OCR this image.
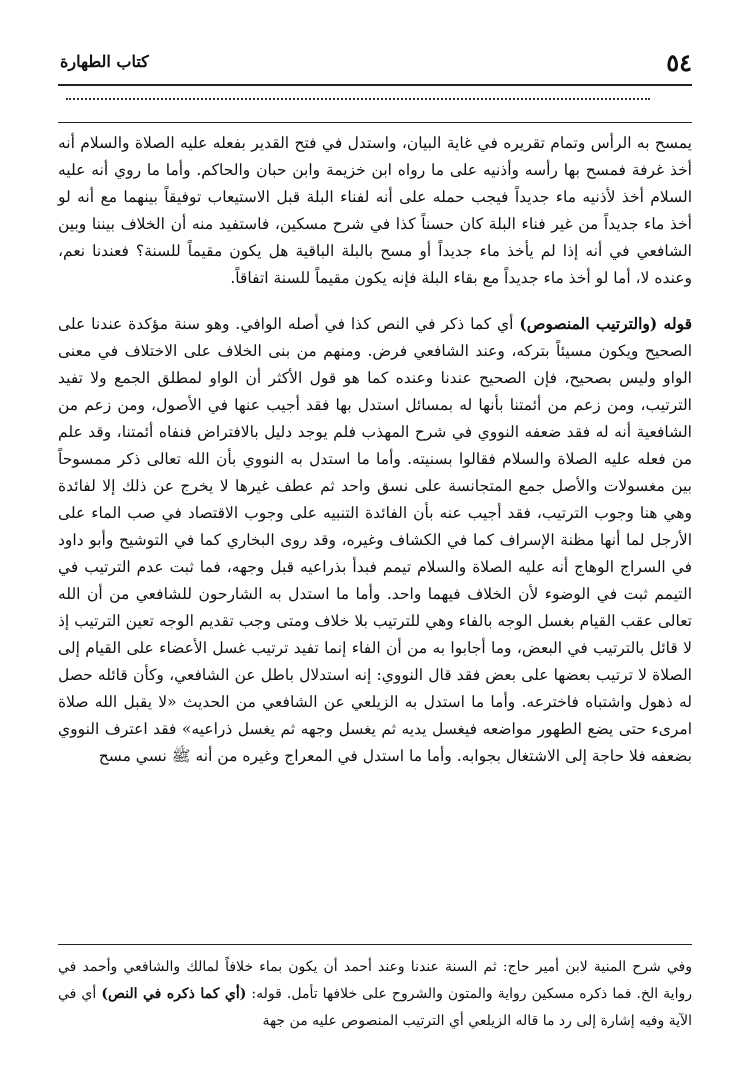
٥٤
كتاب الطهارة

يمسح به الرأس وتمام تقريره في غاية البيان، واستدل في فتح القدير بفعله عليه الصلاة والسلام أنه أخذ غرفة فمسح بها رأسه وأذنيه على ما رواه ابن خزيمة وابن حبان والحاكم. وأما ما روي أنه عليه السلام أخذ لأذنيه ماء جديداً فيجب حمله على أنه لفناء البلة قبل الاستيعاب توفيقاً بينهما مع أنه لو أخذ ماء جديداً من غير فناء البلة كان حسناً كذا في شرح مسكين، فاستفيد منه أن الخلاف بيننا وبين الشافعي في أنه إذا لم يأخذ ماء جديداً أو مسح بالبلة الباقية هل يكون مقيماً للسنة؟ فعندنا نعم، وعنده لا، أما لو أخذ ماء جديداً مع بقاء البلة فإنه يكون مقيماً للسنة اتفاقاً.

قوله (والترتيب المنصوص) أي كما ذكر في النص كذا في أصله الوافي. وهو سنة مؤكدة عندنا على الصحيح ويكون مسيئاً بتركه، وعند الشافعي فرض. ومنهم من بنى الخلاف على الاختلاف في معنى الواو وليس بصحيح، فإن الصحيح عندنا وعنده كما هو قول الأكثر أن الواو لمطلق الجمع ولا تفيد الترتيب، ومن زعم من أئمتنا بأنها له بمسائل استدل بها فقد أجيب عنها في الأصول، ومن زعم من الشافعية أنه له فقد ضعفه النووي في شرح المهذب فلم يوجد دليل بالافتراض فنفاه أئمتنا، وقد علم من فعله عليه الصلاة والسلام فقالوا بسنيته. وأما ما استدل به النووي بأن الله تعالى ذكر ممسوحاً بين مغسولات والأصل جمع المتجانسة على نسق واحد ثم عطف غيرها لا يخرج عن ذلك إلا لفائدة وهي هنا وجوب الترتيب، فقد أجيب عنه بأن الفائدة التنبيه على وجوب الاقتصاد في صب الماء على الأرجل لما أنها مظنة الإسراف كما في الكشاف وغيره، وقد روى البخاري كما في التوشيح وأبو داود في السراج الوهاج أنه عليه الصلاة والسلام تيمم فبدأ بذراعيه قبل وجهه، فما ثبت عدم الترتيب في التيمم ثبت في الوضوء لأن الخلاف فيهما واحد. وأما ما استدل به الشارحون للشافعي من أن الله تعالى عقب القيام بغسل الوجه بالفاء وهي للترتيب بلا خلاف ومتى وجب تقديم الوجه تعين الترتيب إذ لا قائل بالترتيب في البعض، وما أجابوا به من أن الفاء إنما تفيد ترتيب غسل الأعضاء على القيام إلى الصلاة لا ترتيب بعضها على بعض فقد قال النووي: إنه استدلال باطل عن الشافعي، وكأن قائله حصل له ذهول واشتباه فاخترعه. وأما ما استدل به الزيلعي عن الشافعي من الحديث «لا يقبل الله صلاة امرىء حتى يضع الطهور مواضعه فيغسل يديه ثم يغسل وجهه ثم يغسل ذراعيه» فقد اعترف النووي بضعفه فلا حاجة إلى الاشتغال بجوابه. وأما ما استدل في المعراج وغيره من أنه ﷺ نسي مسح

وفي شرح المنية لابن أمير حاج: ثم السنة عندنا وعند أحمد أن يكون بماء خلافاً لمالك والشافعي وأحمد في رواية الخ. فما ذكره مسكين رواية والمتون والشروح على خلافها تأمل. قوله: (أي كما ذكره في النص) أي في الآية وفيه إشارة إلى رد ما قاله الزيلعي أي الترتيب المنصوص عليه من جهة
